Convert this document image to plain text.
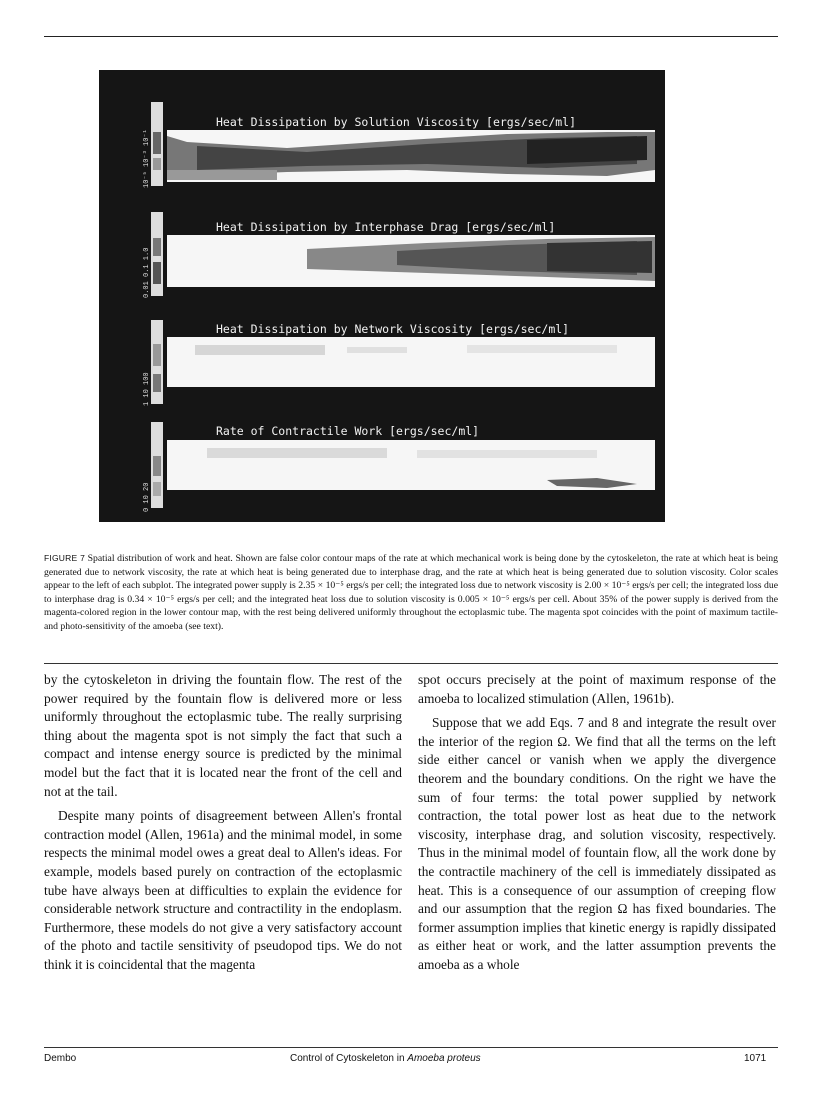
10⁻⁵ 10⁻³ 10⁻¹
Heat Dissipation by Solution Viscosity [ergs/sec/ml]
0.01 0.1 1.0
Heat Dissipation by Interphase Drag [ergs/sec/ml]
1 10 100
Heat Dissipation by Network Viscosity [ergs/sec/ml]
0 10 20
Rate of Contractile Work [ergs/sec/ml]
FIGURE 7 Spatial distribution of work and heat. Shown are false color contour maps of the rate at which mechanical work is being done by the cytoskeleton, the rate at which heat is being generated due to network viscosity, the rate at which heat is being generated due to interphase drag, and the rate at which heat is being generated due to solution viscosity. Color scales appear to the left of each subplot. The integrated power supply is 2.35 × 10⁻⁵ ergs/s per cell; the integrated loss due to network viscosity is 2.00 × 10⁻⁵ ergs/s per cell; the integrated loss due to interphase drag is 0.34 × 10⁻⁵ ergs/s per cell; and the integrated heat loss due to solution viscosity is 0.005 × 10⁻⁵ ergs/s per cell. About 35% of the power supply is derived from the magenta-colored region in the lower contour map, with the rest being delivered uniformly throughout the ectoplasmic tube. The magenta spot coincides with the point of maximum tactile- and photo-sensitivity of the amoeba (see text).

by the cytoskeleton in driving the fountain flow. The rest of the power required by the fountain flow is delivered more or less uniformly throughout the ectoplasmic tube. The really surprising thing about the magenta spot is not simply the fact that such a compact and intense energy source is predicted by the minimal model but the fact that it is located near the front of the cell and not at the tail.

Despite many points of disagreement between Allen's frontal contraction model (Allen, 1961a) and the minimal model, in some respects the minimal model owes a great deal to Allen's ideas. For example, models based purely on contraction of the ectoplasmic tube have always been at difficulties to explain the evidence for considerable network structure and contractility in the endoplasm. Furthermore, these models do not give a very satisfactory account of the photo and tactile sensitivity of pseudopod tips. We do not think it is coincidental that the magenta

spot occurs precisely at the point of maximum response of the amoeba to localized stimulation (Allen, 1961b).

Suppose that we add Eqs. 7 and 8 and integrate the result over the interior of the region Ω. We find that all the terms on the left side either cancel or vanish when we apply the divergence theorem and the boundary conditions. On the right we have the sum of four terms: the total power supplied by network contraction, the total power lost as heat due to the network viscosity, interphase drag, and solution viscosity, respectively. Thus in the minimal model of fountain flow, all the work done by the contractile machinery of the cell is immediately dissipated as heat. This is a consequence of our assumption of creeping flow and our assumption that the region Ω has fixed boundaries. The former assumption implies that kinetic energy is rapidly dissipated as either heat or work, and the latter assumption prevents the amoeba as a whole

Dembo	Control of Cytoskeleton in Amoeba proteus	1071
